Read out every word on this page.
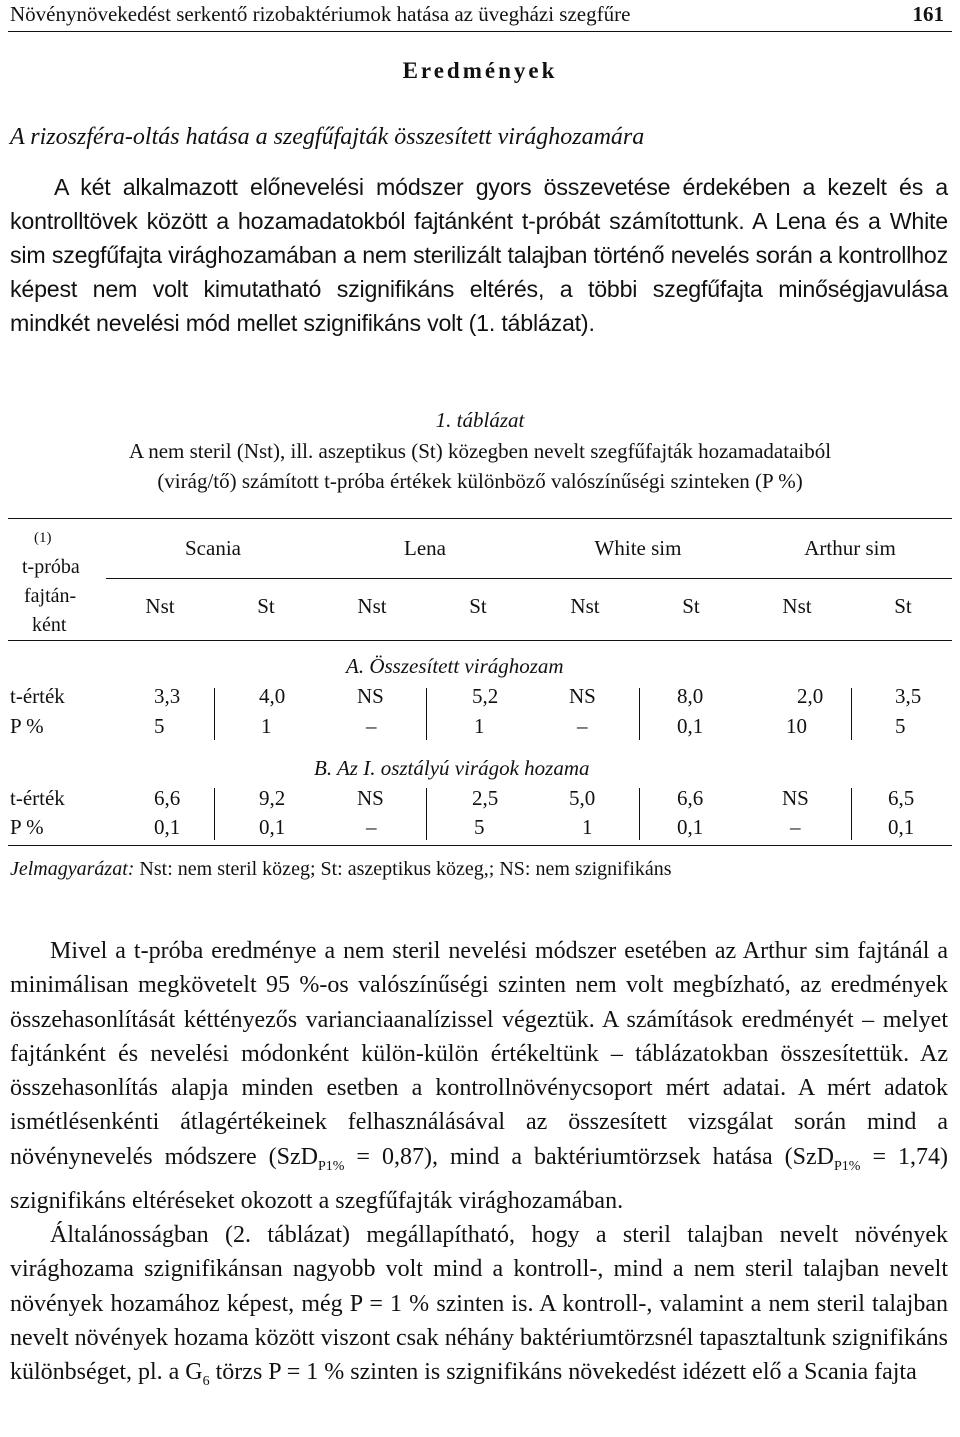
Növénynövekedést serkentő rizobaktériumok hatása az üvegházi szegfűre	161
Eredmények
A rizoszféra-oltás hatása a szegfűfajták összesített virághozamára
A két alkalmazott előnevelési módszer gyors összevetése érdekében a kezelt és a kontrolltövek között a hozamadatokból fajtánként t-próbát számítottunk. A Lena és a White sim szegfűfajta virághozamában a nem sterilizált talajban történő nevelés során a kontrollhoz képest nem volt kimutatható szignifikáns eltérés, a többi szegfűfajta minőségjavulása mindkét nevelési mód mellet szignifikáns volt (1. táblázat).
1. táblázat
A nem steril (Nst), ill. aszeptikus (St) közegben nevelt szegfűfajták hozamadataiból
(virág/tő) számított t-próba értékek különböző valószínűségi szinteken (P %)
(1)
t-próba
fajtán-
ként
Scania	Lena	White sim	Arthur sim
Nst	St	Nst	St	Nst	St	Nst	St
A. Összesített virághozam
t-érték	3,3	4,0	NS	5,2	NS	8,0	2,0	3,5
P %	5	1	–	1	–	0,1	10	5
B. Az I. osztályú virágok hozama
t-érték	6,6	9,2	NS	2,5	5,0	6,6	NS	6,5
P %	0,1	0,1	–	5	1	0,1	–	0,1
Jelmagyarázat: Nst: nem steril közeg; St: aszeptikus közeg,; NS: nem szignifikáns

Mivel a t-próba eredménye a nem steril nevelési módszer esetében az Arthur sim fajtánál a minimálisan megkövetelt 95 %-os valószínűségi szinten nem volt megbízható, az eredmények összehasonlítását kéttényezős varianciaanalízissel végeztük. A számítások eredményét – melyet fajtánként és nevelési módonként külön-külön értékeltünk – táblázatokban összesítettük. Az összehasonlítás alapja minden esetben a kontrollnövénycsoport mért adatai. A mért adatok ismétlésenkénti átlagértékeinek felhasználásával az összesített vizsgálat során mind a növénynevelés módszere (SzD$_{P1\%}$ = 0,87), mind a baktériumtörzsek hatása (SzD$_{P1\%}$ = 1,74) szignifikáns eltéréseket okozott a szegfűfajták virághozamában.

Általánosságban (2. táblázat) megállapítható, hogy a steril talajban nevelt növények virághozama szignifikánsan nagyobb volt mind a kontroll-, mind a nem steril talajban nevelt növények hozamához képest, még P = 1 % szinten is. A kontroll-, valamint a nem steril talajban nevelt növények hozama között viszont csak néhány baktériumtörzsnél tapasztaltunk szignifikáns különbséget, pl. a $G_6$ törzs P = 1 % szinten is szignifikáns növekedést idézett elő a Scania fajta
